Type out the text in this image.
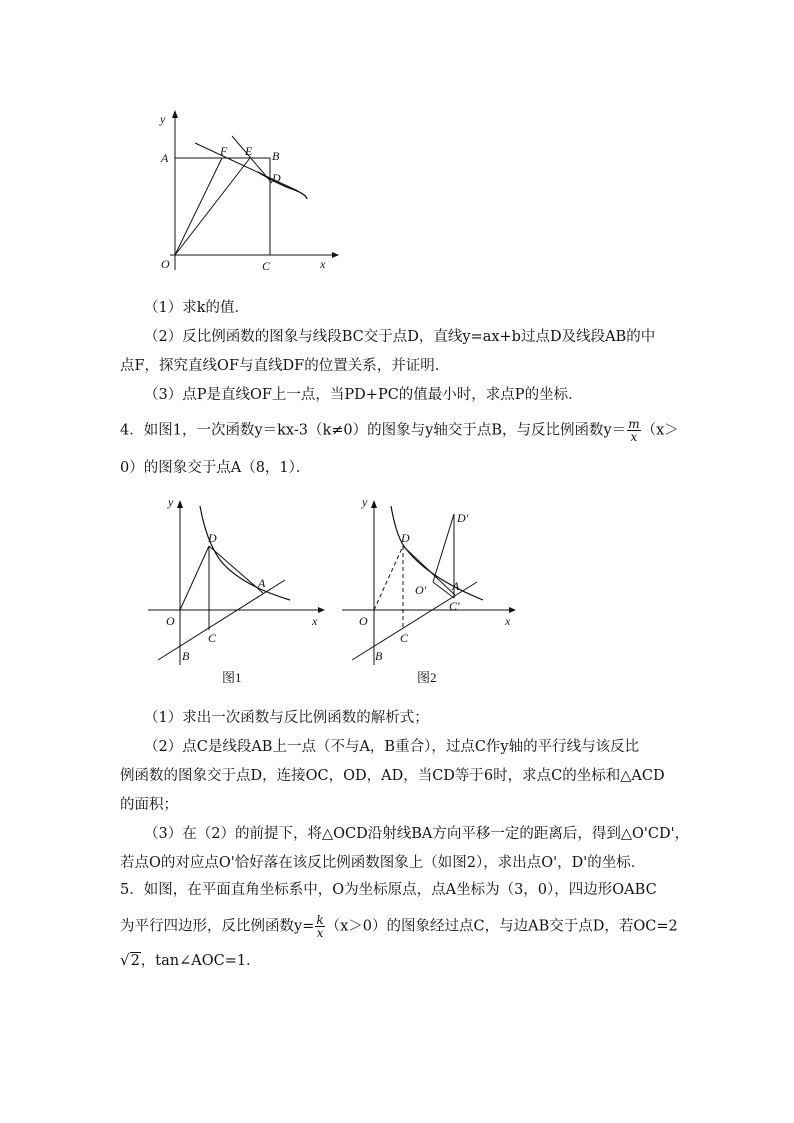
y
A	F E B
D
O	C	x
（1）求k的值．
（2）反比例函数的图象与线段BC交于点D，直线y=ax+b过点D及线段AB的中
点F，探究直线OF与直线DF的位置关系，并证明．
（3）点P是直线OF上一点，当PD+PC的值最小时，求点P的坐标．
4．如图1，一次函数y＝kx-3（k≠0）的图象与y轴交于点B，与反比例函数$y= \frac{m}{x} (x>$
0）的图象交于点A（8，1）．
y
D
A
O
C
x
B
图1
y
D
D'
O' A
C'
O
C
x
B
图2
（1）求出一次函数与反比例函数的解析式；
（2）点C是线段AB上一点（不与A，B重合），过点C作y轴的平行线与该反比
例函数的图象交于点D，连接OC，OD，AD，当CD等于6时，求点C的坐标和△ACD
的面积；
（3）在（2）的前提下，将△OCD沿射线BA方向平移一定的距离后，得到△O'CD'，
若点O的对应点O'恰好落在该反比例函数图象上（如图2），求出点O'，D'的坐标．
5．如图，在平面直角坐标系中，O为坐标原点，点A坐标为（3，0），四边形OABC
为平行四边形，反比例函数$y= \frac{k}{x} (x>0)$的图象经过点C，与边AB交于点D，若OC=2
√2，tan∠AOC=1．
